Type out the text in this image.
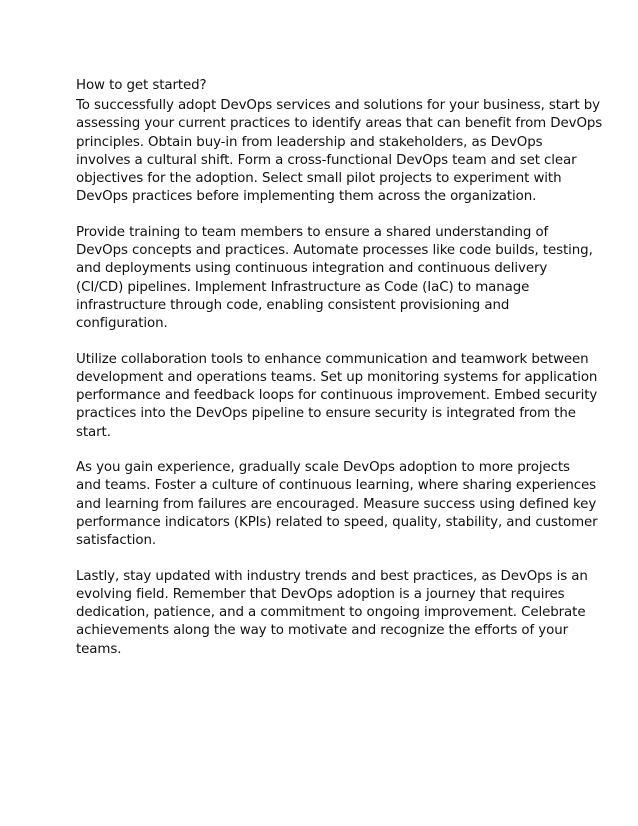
How to get started?

To successfully adopt DevOps services and solutions for your business, start by
assessing your current practices to identify areas that can benefit from DevOps
principles. Obtain buy-in from leadership and stakeholders, as DevOps
involves a cultural shift. Form a cross-functional DevOps team and set clear
objectives for the adoption. Select small pilot projects to experiment with
DevOps practices before implementing them across the organization.

Provide training to team members to ensure a shared understanding of
DevOps concepts and practices. Automate processes like code builds, testing,
and deployments using continuous integration and continuous delivery
(CI/CD) pipelines. Implement Infrastructure as Code (IaC) to manage
infrastructure through code, enabling consistent provisioning and
configuration.

Utilize collaboration tools to enhance communication and teamwork between
development and operations teams. Set up monitoring systems for application
performance and feedback loops for continuous improvement. Embed security
practices into the DevOps pipeline to ensure security is integrated from the
start.

As you gain experience, gradually scale DevOps adoption to more projects
and teams. Foster a culture of continuous learning, where sharing experiences
and learning from failures are encouraged. Measure success using defined key
performance indicators (KPIs) related to speed, quality, stability, and customer
satisfaction.

Lastly, stay updated with industry trends and best practices, as DevOps is an
evolving field. Remember that DevOps adoption is a journey that requires
dedication, patience, and a commitment to ongoing improvement. Celebrate
achievements along the way to motivate and recognize the efforts of your
teams.
